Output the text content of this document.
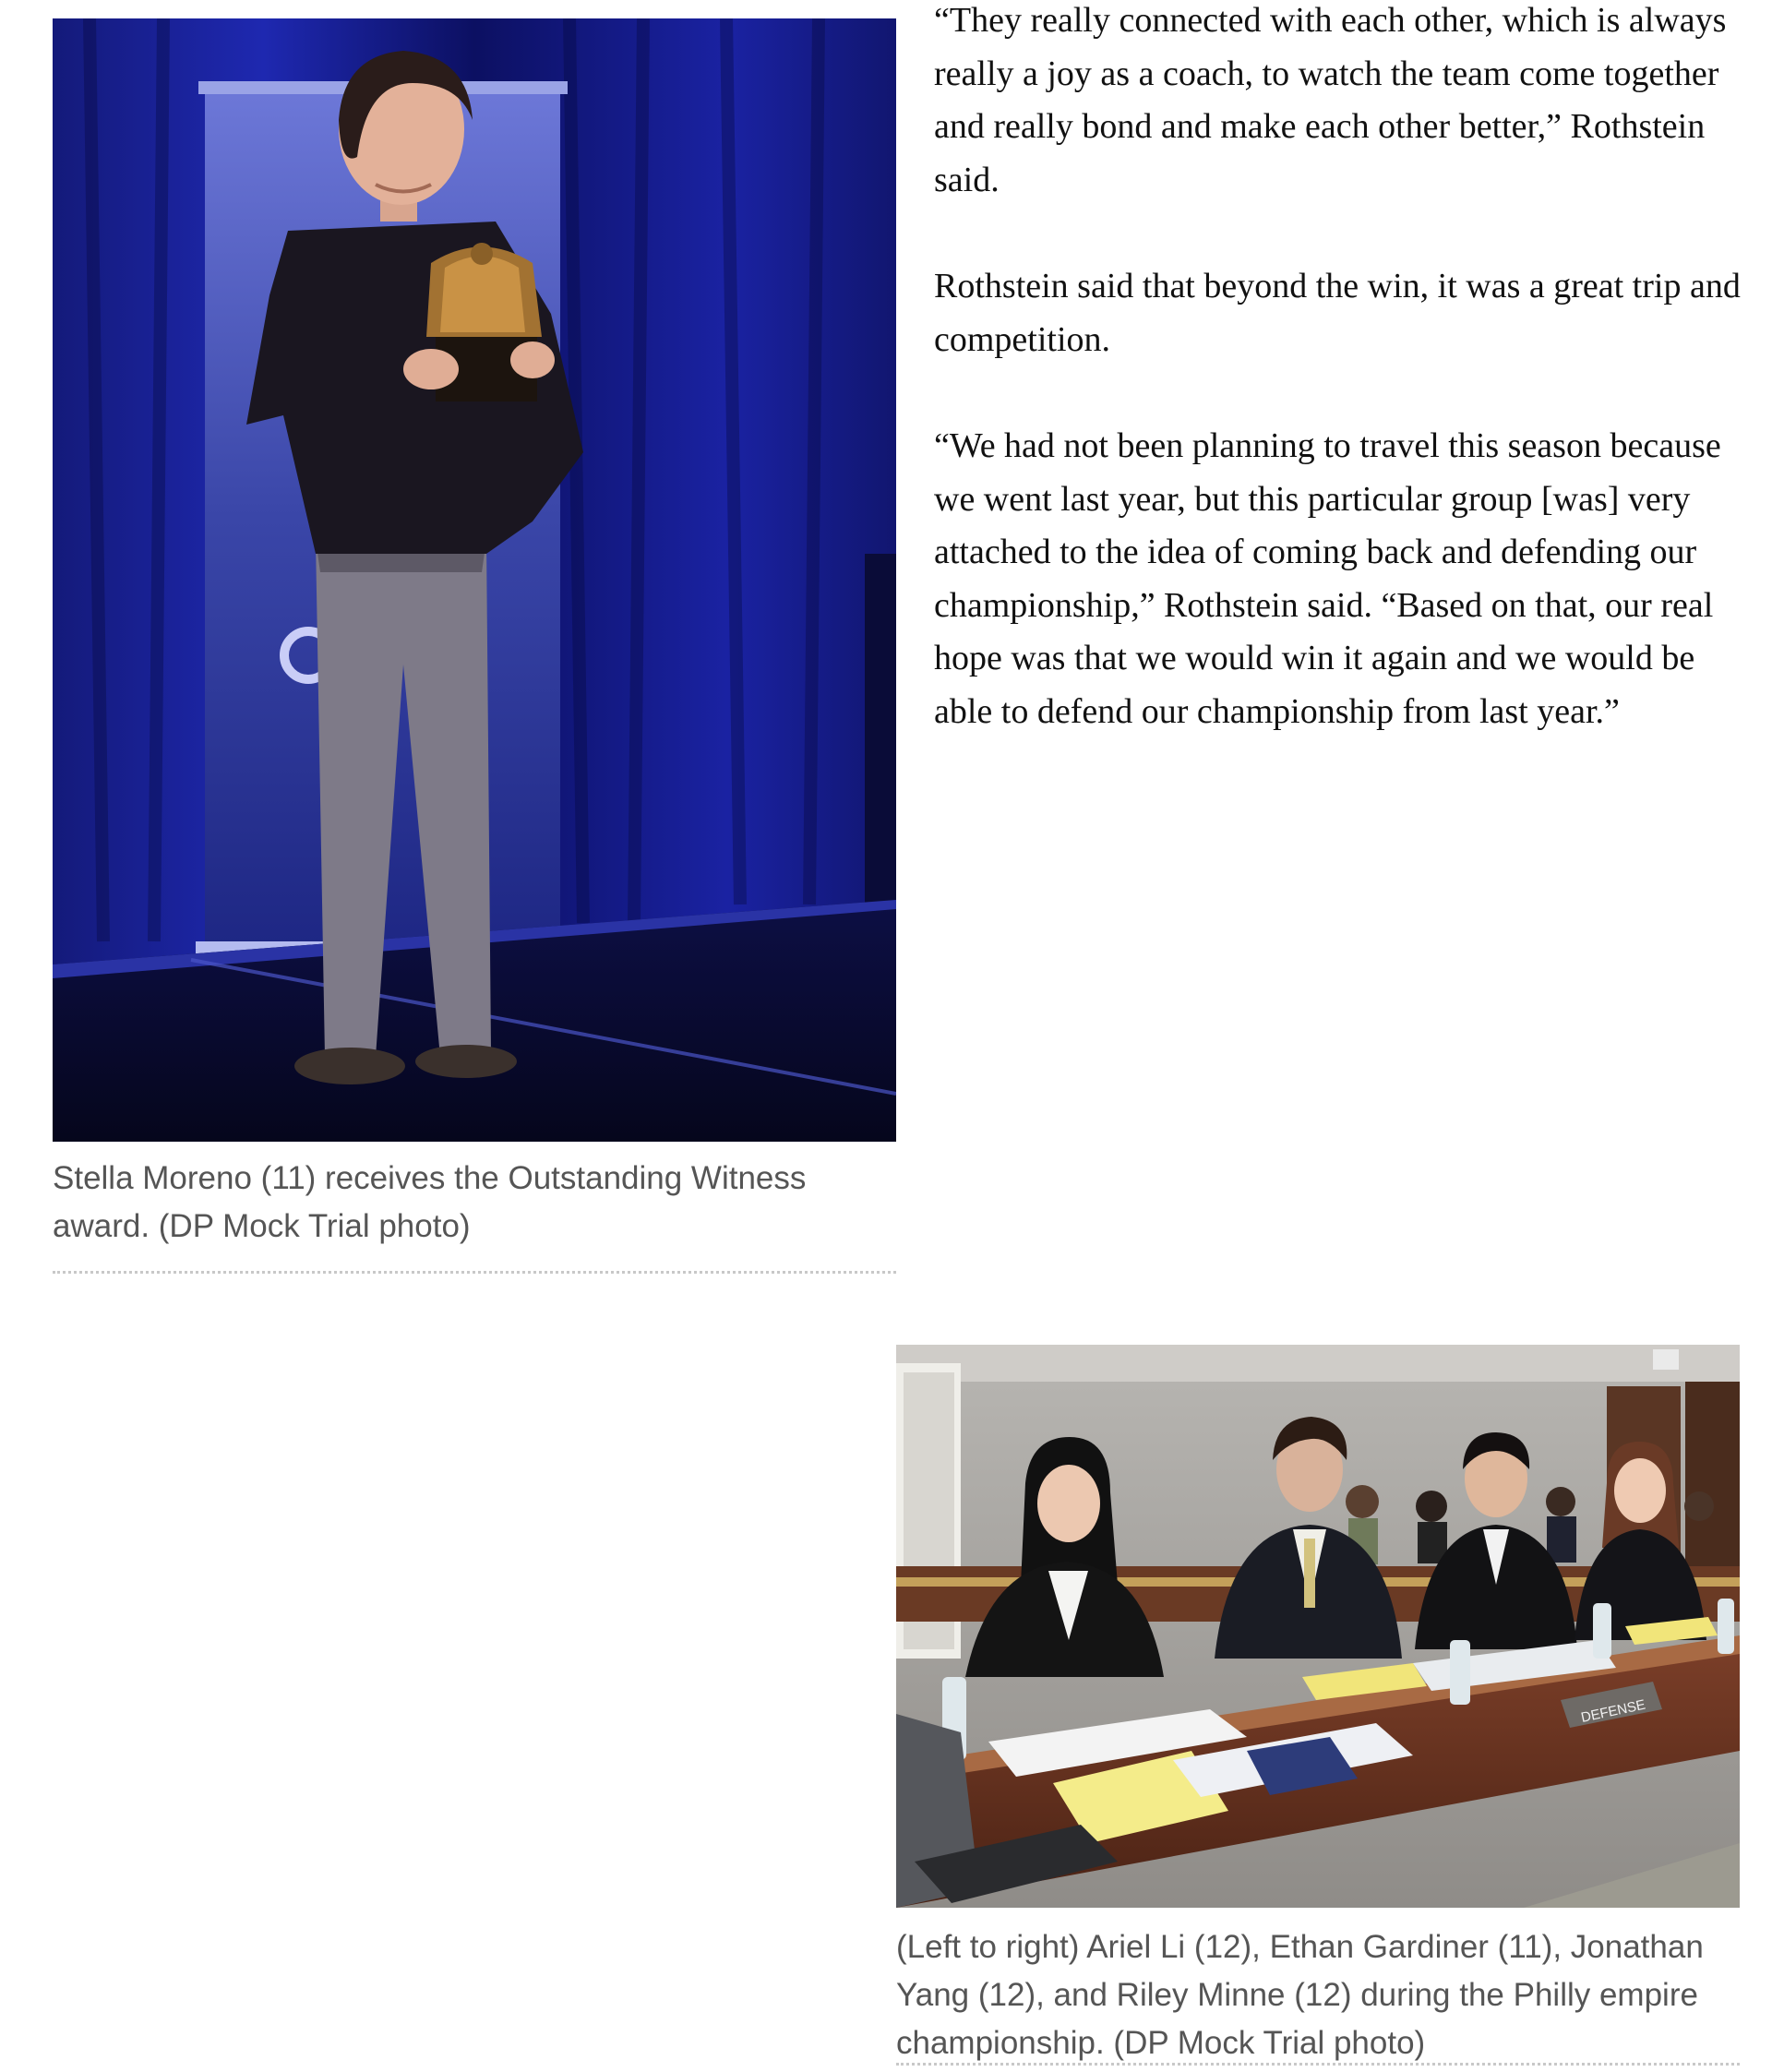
Stella Moreno (11) receives the Outstanding Witness award. (DP Mock Trial photo)

“They really connected with each other, which is always really a joy as a coach, to watch the team come together and really bond and make each other better,” Rothstein said.

Rothstein said that beyond the win, it was a great trip and competition.

“We had not been planning to travel this season because we went last year, but this particular group [was] very attached to the idea of coming back and defending our championship,” Rothstein said. “Based on that, our real hope was that we would win it again and we would be able to defend our championship from last year.”

DEFENSE

(Left to right) Ariel Li (12), Ethan Gardiner (11), Jonathan Yang (12), and Riley Minne (12) during the Philly empire championship. (DP Mock Trial photo)
